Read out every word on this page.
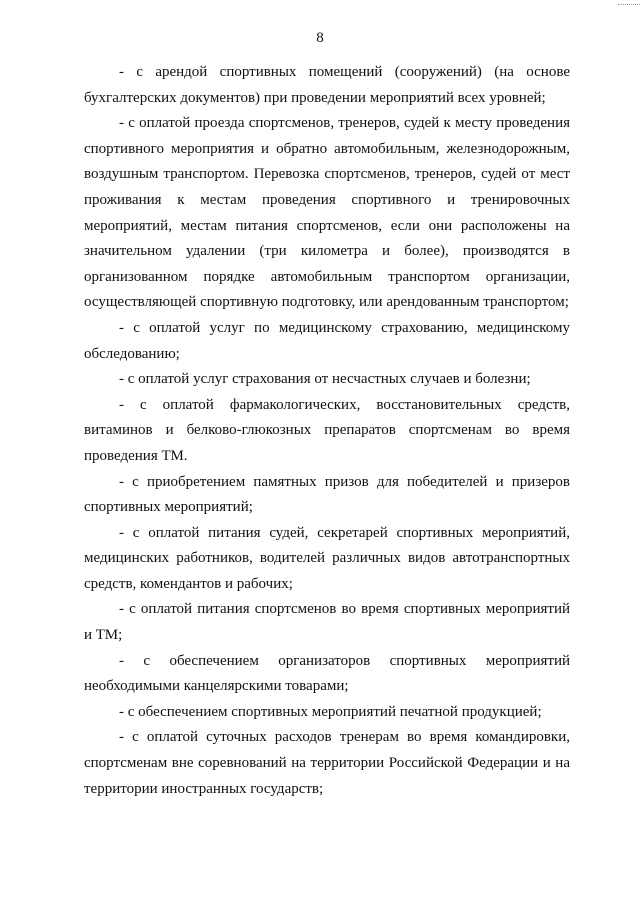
8

- с арендой спортивных помещений (сооружений) (на основе бухгалтерских документов) при проведении мероприятий всех уровней;

- с оплатой проезда спортсменов, тренеров, судей к месту проведения спортивного мероприятия и обратно автомобильным, железнодорожным, воздушным транспортом. Перевозка спортсменов, тренеров, судей от мест проживания к местам проведения спортивного и тренировочных мероприятий, местам питания спортсменов, если они расположены на значительном удалении (три километра и более), производятся в организованном порядке автомобильным транспортом организации, осуществляющей спортивную подготовку, или арендованным транспортом;

- с оплатой услуг по медицинскому страхованию, медицинскому обследованию;

- с оплатой услуг страхования от несчастных случаев и болезни;

- с оплатой фармакологических, восстановительных средств, витаминов и белково-глюкозных препаратов спортсменам во время проведения ТМ.

- с приобретением памятных призов для победителей и призеров спортивных мероприятий;

- с оплатой питания судей, секретарей спортивных мероприятий, медицинских работников, водителей различных видов автотранспортных средств, комендантов и рабочих;

- с оплатой питания спортсменов во время спортивных мероприятий и ТМ;

- с обеспечением организаторов спортивных мероприятий необходимыми канцелярскими товарами;

- с обеспечением спортивных мероприятий печатной продукцией;

- с оплатой суточных расходов тренерам во время командировки, спортсменам вне соревнований на территории Российской Федерации и на территории иностранных государств;
